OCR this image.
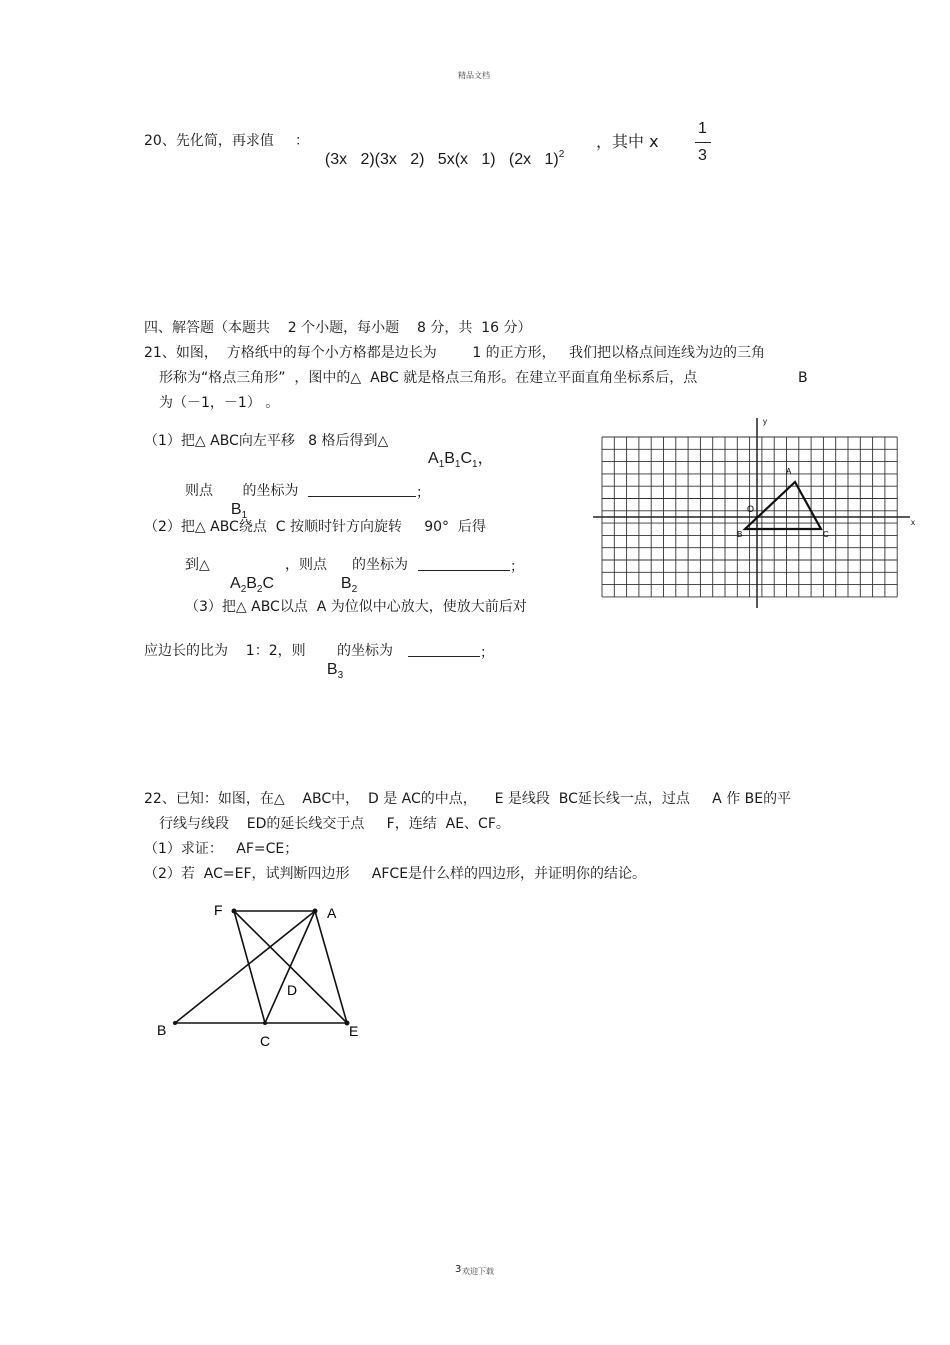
精品文档
20、先化简，再求值 ：

(3x   2)(3x   2)   5x(x   1)   (2x   1)$^2$

，其中 x
1
3
四、解答题（本题共    2 个小题，每小题    8 分，共  16 分）
21、如图，  方格纸中的每个小方格都是边长为        1 的正方形，   我们把以格点间连线为边的三角
形称为“格点三角形”  ，图中的△  ABC 就是格点三角形。在建立平面直角坐标系后，点	B
为（－1，－1） 。
（1）把△ ABC向左平移   8 格后得到△

$A_1B_1C_1$，

则点

$B_1$

的坐标为	；
（2）把△ ABC绕点  C 按顺时针方向旋转     90°  后得
到△

$A_2B_2C$

，则点

$B_2$

的坐标为	；
（3）把△ ABC以点  A 为位似中心放大，使放大前后对
应边长的比为    1：2，则

$B_3$

的坐标为	；
x
y
O
A
B	C
22、已知：如图，在△    ABC中，  D 是 AC的中点，    E 是线段  BC延长线一点，过点     A 作 BE的平
行线与线段    ED的延长线交于点     F，连结  AE、CF。
（1）求证：   AF=CE；
（2）若  AC=EF，试判断四边形     AFCE是什么样的四边形，并证明你的结论。
F	A
D
B
C
E
3 欢迎下载
